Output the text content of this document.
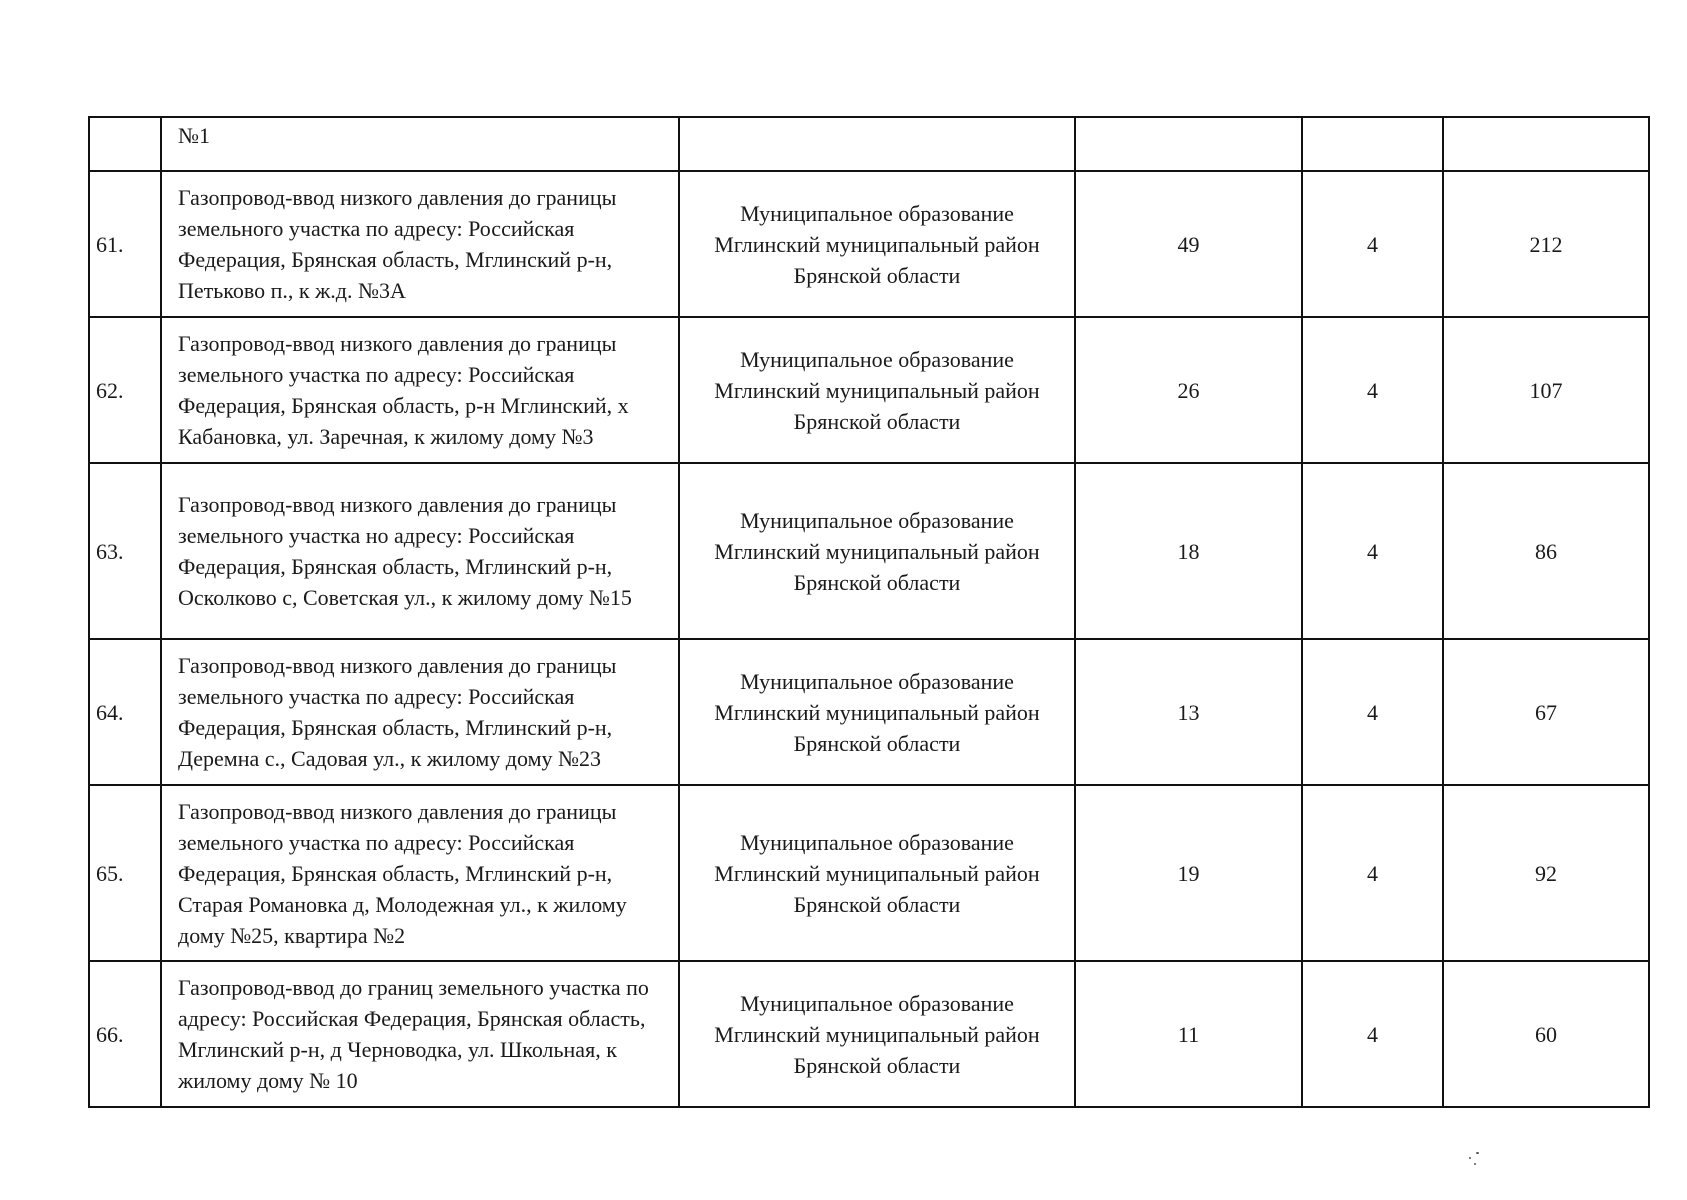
	№1				
61.	Газопровод-ввод низкого давления до границы земельного участка по адресу: Российская Федерация, Брянская область, Мглинский р-н, Петьково п., к ж.д. №3А	Муниципальное образование
Мглинский муниципальный район
Брянской области	49	4	212
62.	Газопровод-ввод низкого давления до границы земельного участка по адресу: Российская Федерация, Брянская область, р-н Мглинский, х Кабановка, ул. Заречная, к жилому дому №3	Муниципальное образование
Мглинский муниципальный район
Брянской области	26	4	107
63.	Газопровод-ввод низкого давления до границы земельного участка но адресу: Российская Федерация, Брянская область, Мглинский р-н, Осколково с, Советская ул., к жилому дому №15	Муниципальное образование
Мглинский муниципальный район
Брянской области	18	4	86
64.	Газопровод-ввод низкого давления до границы земельного участка по адресу: Российская Федерация, Брянская область, Мглинский р-н, Деремна с., Садовая ул., к жилому дому №23	Муниципальное образование
Мглинский муниципальный район
Брянской области	13	4	67
65.	Газопровод-ввод низкого давления до границы земельного участка по адресу: Российская Федерация, Брянская область, Мглинский р-н, Старая Романовка д, Молодежная ул., к жилому дому №25, квартира №2	Муниципальное образование
Мглинский муниципальный район
Брянской области	19	4	92
66.	Газопровод-ввод до границ земельного участка по адресу: Российская Федерация, Брянская область, Мглинский р-н, д Черноводка, ул. Школьная, к жилому дому № 10	Муниципальное образование
Мглинский муниципальный район
Брянской области	11	4	60
